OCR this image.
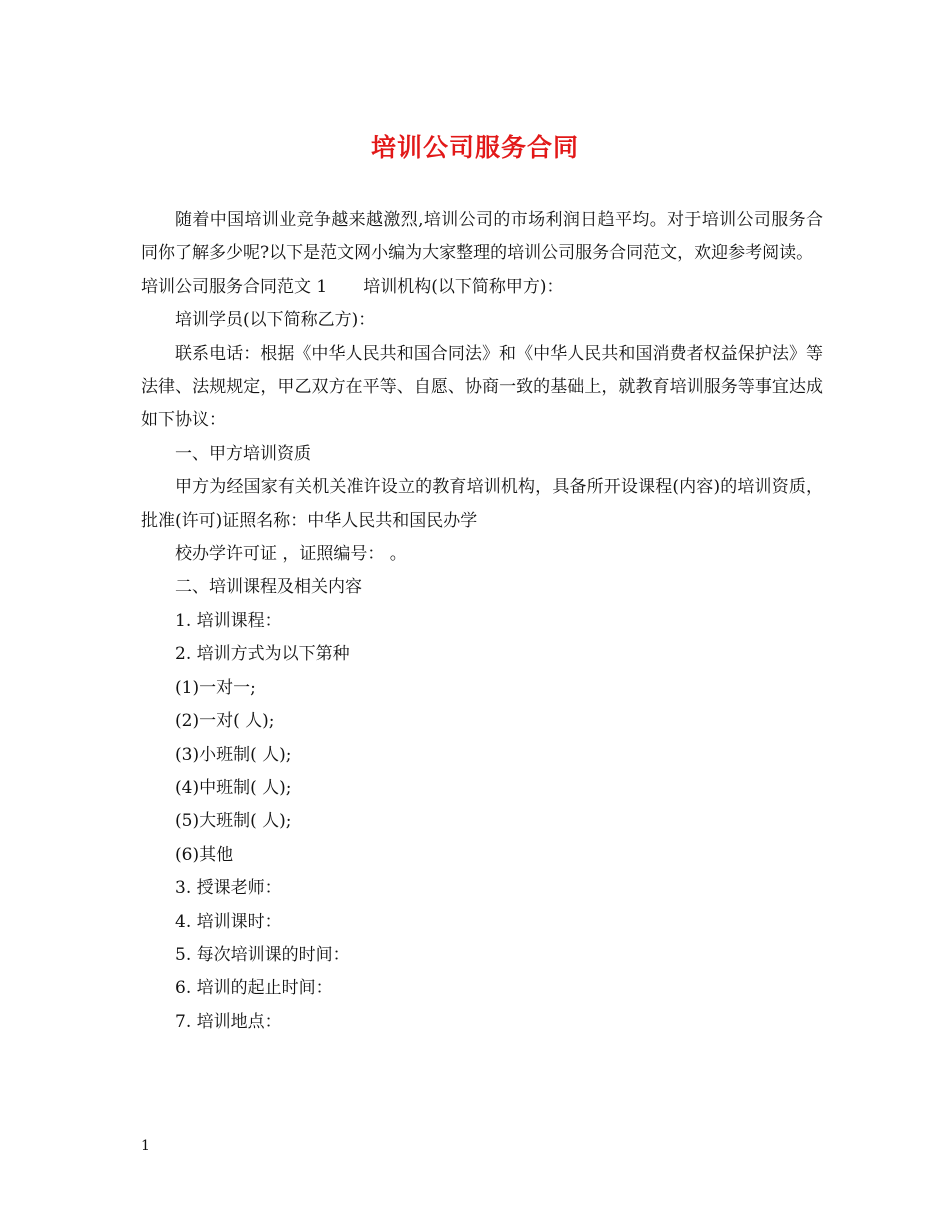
培训公司服务合同

随着中国培训业竞争越来越激烈,培训公司的市场利润日趋平均。对于培训公司服务合同你了解多少呢?以下是范文网小编为大家整理的培训公司服务合同范文，欢迎参考阅读。

培训公司服务合同范文 1 培训机构(以下简称甲方)：

培训学员(以下简称乙方)：

联系电话：根据《中华人民共和国合同法》和《中华人民共和国消费者权益保护法》等法律、法规规定，甲乙双方在平等、自愿、协商一致的基础上，就教育培训服务等事宜达成如下协议：

一、甲方培训资质

甲方为经国家有关机关准许设立的教育培训机构，具备所开设课程(内容)的培训资质，批准(许可)证照名称：中华人民共和国民办学

校办学许可证 ，证照编号： 。

二、培训课程及相关内容

1. 培训课程：

2. 培训方式为以下第种

(1)一对一;

(2)一对( 人);

(3)小班制( 人);

(4)中班制( 人);

(5)大班制( 人);

(6)其他

3. 授课老师：

4. 培训课时：

5. 每次培训课的时间：

6. 培训的起止时间：

7. 培训地点：

1
